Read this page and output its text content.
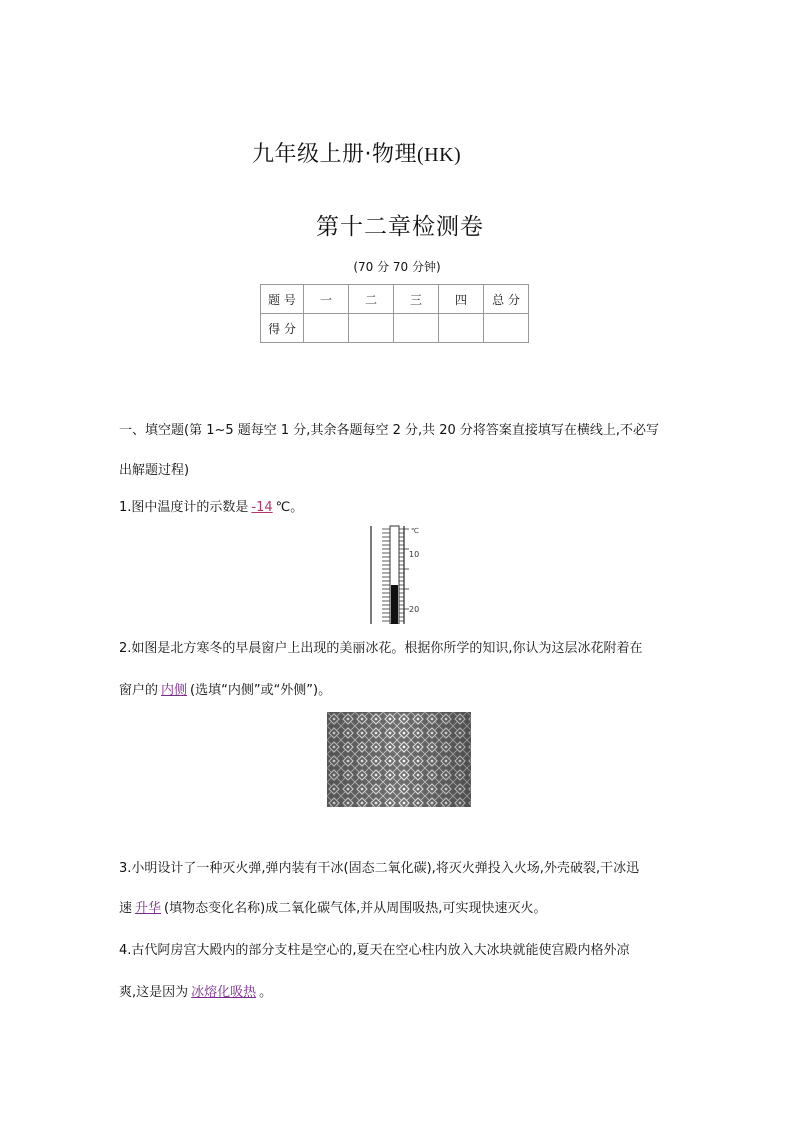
九年级上册·物理(HK)
第十二章检测卷
(70 分 70 分钟)
题 号	一	二	三	四	总 分
得 分					
一、填空题(第 1~5 题每空 1 分,其余各题每空 2 分,共 20 分将答案直接填写在横线上,不必写
出解题过程)
1.图中温度计的示数是 -14 ℃。
℃
10
20
2.如图是北方寒冬的早晨窗户上出现的美丽冰花。根据你所学的知识,你认为这层冰花附着在
窗户的 内侧 (选填“内侧”或“外侧”)。
3.小明设计了一种灭火弹,弹内装有干冰(固态二氧化碳),将灭火弹投入火场,外壳破裂,干冰迅
速 升华 (填物态变化名称)成二氧化碳气体,并从周围吸热,可实现快速灭火。
4.古代阿房宫大殿内的部分支柱是空心的,夏天在空心柱内放入大冰块就能使宫殿内格外凉
爽,这是因为 冰熔化吸热 。
